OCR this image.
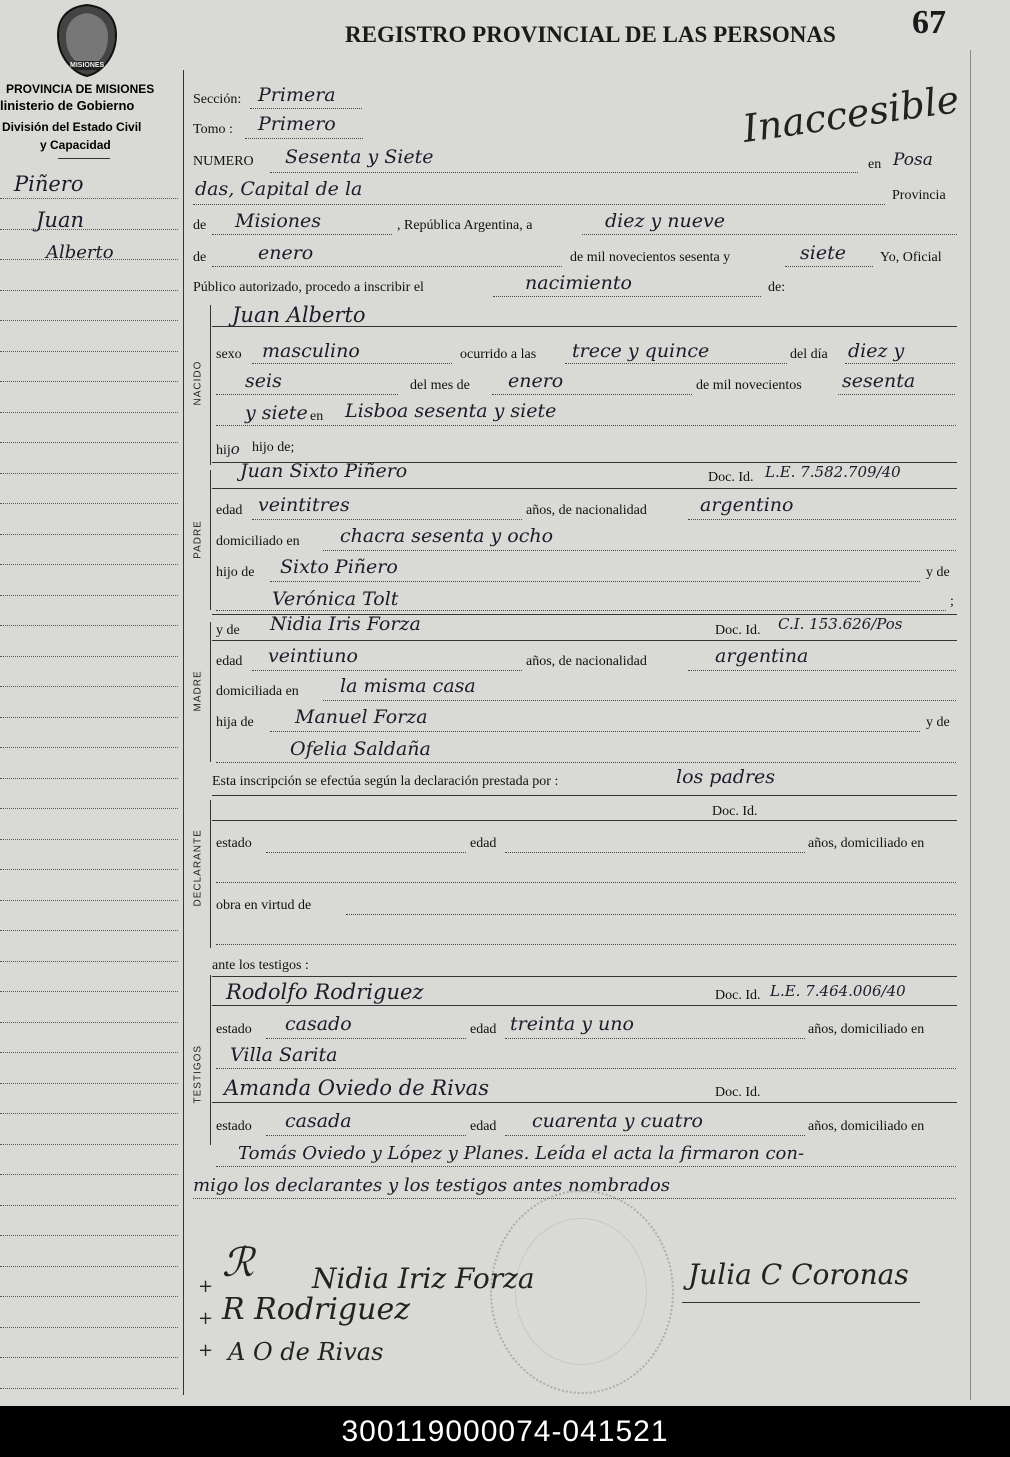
MISIONES
PROVINCIA DE MISIONES
linisterio de Gobierno
División del Estado Civil
y Capacidad
Piñero
Juan
Alberto
REGISTRO PROVINCIAL DE LAS PERSONAS 67
Inaccesible
Sección: Primera
Tomo : Primero
NUMERO Sesenta y Siete	en Posa
das, Capital de la	Provincia
de Misiones	, República Argentina, a	diez y nueve
de	enero	de mil novecientos sesenta y	siete Yo, Oficial
Público autorizado, procedo a inscribir el	nacimiento	de:
NACIDO
PADRE
MADRE
DECLARANTE
TESTIGOS
Juan Alberto
sexo masculino	ocurrido a las trece y quince	del día diez y
seis	del mes de enero	de mil novecientos sesenta
y siete en Lisboa sesenta y siete
hijo hijo de;

Juan Sixto Piñero	Doc. Id. L.E. 7.582.709/40
edad veintitres	años, de nacionalidad	argentino
domiciliado en chacra sesenta y ocho
hijo de Sixto Piñero	y de
Verónica Tolt	;
y de Nidia Iris Forza	Doc. Id. C.I. 153.626/Pos
edad veintiuno	años, de nacionalidad	argentina
domiciliada en la misma casa
hija de Manuel Forza	y de
Ofelia Saldaña
Esta inscripción se efectúa según la declaración prestada por :	los padres
Doc. Id.
estado	edad	años, domiciliado en
obra en virtud de
ante los testigos :
Rodolfo Rodriguez	Doc. Id. L.E. 7.464.006/40
estado casado	edad treinta y uno	años, domiciliado en
Villa Sarita
Amanda Oviedo de Rivas	Doc. Id.
estado casada	edad cuarenta y cuatro	años, domiciliado en
Tomás Oviedo y López y Planes. Leída el acta la firmaron con-
migo los declarantes y los testigos antes nombrados
Nidia Iriz Forza
ℛ
R Rodriguez
A O de Rivas
Julia C Coronas
+
+
+
300119000074-041521
